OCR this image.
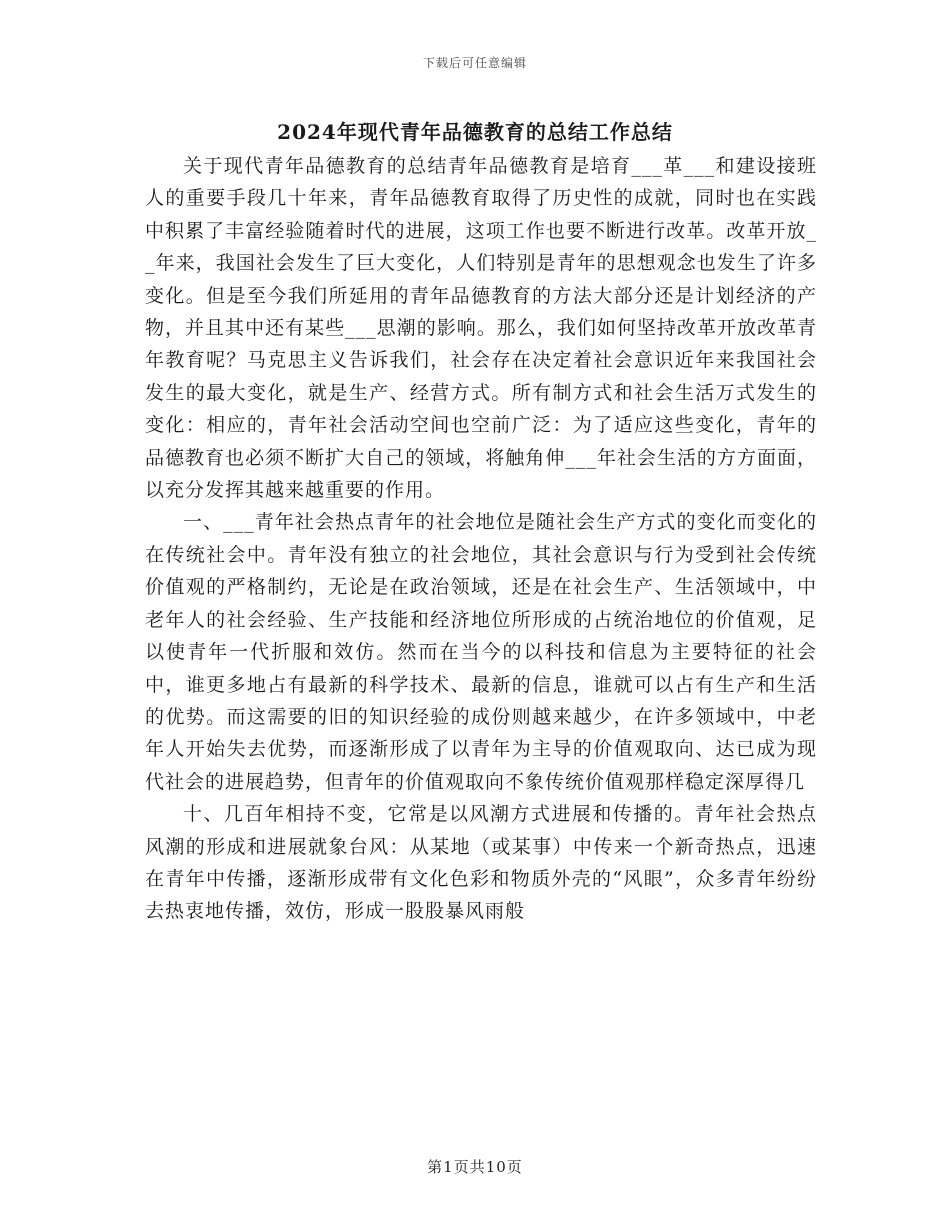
下载后可任意编辑
2024年现代青年品德教育的总结工作总结

关于现代青年品德教育的总结青年品德教育是培育___革___和建设接班人的重要手段几十年来，青年品德教育取得了历史性的成就，同时也在实践中积累了丰富经验随着时代的进展，这项工作也要不断进行改革。改革开放__年来，我国社会发生了巨大变化，人们特别是青年的思想观念也发生了许多变化。但是至今我们所延用的青年品德教育的方法大部分还是计划经济的产物，并且其中还有某些___思潮的影响。那么，我们如何坚持改革开放改革青年教育呢？马克思主义告诉我们，社会存在决定着社会意识近年来我国社会发生的最大变化，就是生产、经营方式。所有制方式和社会生活万式发生的变化：相应的，青年社会活动空间也空前广泛：为了适应这些变化，青年的品德教育也必须不断扩大自己的领域，将触角伸___年社会生活的方方面面，以充分发挥其越来越重要的作用。

一、___青年社会热点青年的社会地位是随社会生产方式的变化而变化的在传统社会中。青年没有独立的社会地位，其社会意识与行为受到社会传统价值观的严格制约，无论是在政治领域，还是在社会生产、生活领域中，中老年人的社会经验、生产技能和经济地位所形成的占统治地位的价值观，足以使青年一代折服和效仿。然而在当今的以科技和信息为主要特征的社会中，谁更多地占有最新的科学技术、最新的信息，谁就可以占有生产和生活的优势。而这需要的旧的知识经验的成份则越来越少，在许多领域中，中老年人开始失去优势，而逐渐形成了以青年为主导的价值观取向、达已成为现代社会的进展趋势，但青年的价值观取向不象传统价值观那样稳定深厚得几

十、几百年相持不变，它常是以风潮方式进展和传播的。青年社会热点风潮的形成和进展就象台风：从某地（或某事）中传来一个新奇热点，迅速在青年中传播，逐渐形成带有文化色彩和物质外壳的“风眼”，众多青年纷纷去热衷地传播，效仿，形成一股股暴风雨般

第1页共10页
